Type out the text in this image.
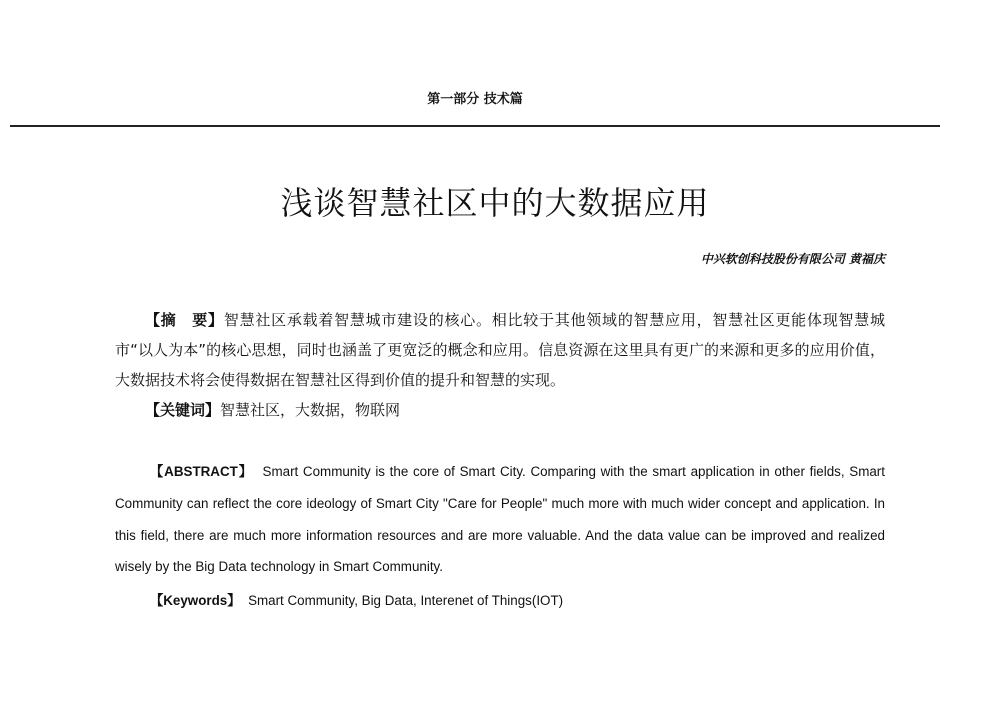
第一部分 技术篇
浅谈智慧社区中的大数据应用
中兴软创科技股份有限公司 黄福庆

【摘　要】智慧社区承载着智慧城市建设的核心。相比较于其他领域的智慧应用，智慧社区更能体现智慧城市“以人为本”的核心思想，同时也涵盖了更宽泛的概念和应用。信息资源在这里具有更广的来源和更多的应用价值，大数据技术将会使得数据在智慧社区得到价值的提升和智慧的实现。

【关键词】智慧社区，大数据，物联网

【ABSTRACT】 Smart Community is the core of Smart City. Comparing with the smart application in other fields, Smart Community can reflect the core ideology of Smart City "Care for People" much more with much wider concept and application. In this field, there are much more information resources and are more valuable. And the data value can be improved and realized wisely by the Big Data technology in Smart Community.

【Keywords】 Smart Community, Big Data, Interenet of Things(IOT)
